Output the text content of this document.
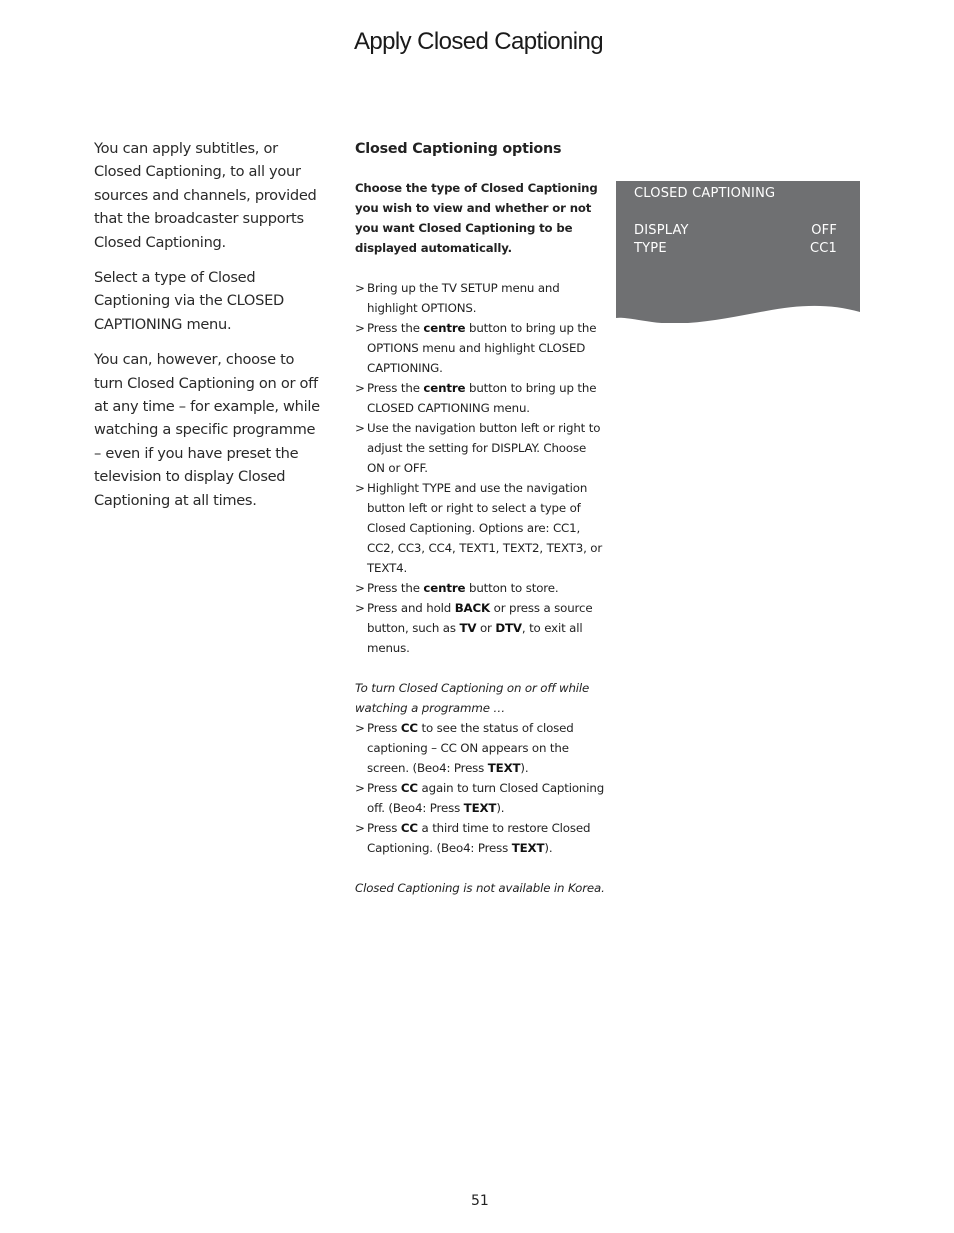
Apply Closed Captioning

You can apply subtitles, or Closed Captioning, to all your sources and channels, provided that the broadcaster supports Closed Captioning.

Select a type of Closed Captioning via the CLOSED CAPTIONING menu.

You can, however, choose to turn Closed Captioning on or off at any time – for example, while watching a specific programme – even if you have preset the television to display Closed Captioning at all times.

Closed Captioning options

Choose the type of Closed Captioning you wish to view and whether or not you want Closed Captioning to be displayed automatically.

> Bring up the TV SETUP menu and highlight OPTIONS.
> Press the centre button to bring up the OPTIONS menu and highlight CLOSED CAPTIONING.
> Press the centre button to bring up the CLOSED CAPTIONING menu.
> Use the navigation button left or right to adjust the setting for DISPLAY. Choose ON or OFF.
> Highlight TYPE and use the navigation button left or right to select a type of Closed Captioning. Options are: CC1, CC2, CC3, CC4, TEXT1, TEXT2, TEXT3, or TEXT4.
> Press the centre button to store.
> Press and hold BACK or press a source button, such as TV or DTV, to exit all menus.

To turn Closed Captioning on or off while watching a programme …

> Press CC to see the status of closed captioning – CC ON appears on the screen. (Beo4: Press TEXT).
> Press CC again to turn Closed Captioning off. (Beo4: Press TEXT).
> Press CC a third time to restore Closed Captioning. (Beo4: Press TEXT).

Closed Captioning is not available in Korea.

CLOSED CAPTIONING
DISPLAY	OFF
TYPE	CC1
51
